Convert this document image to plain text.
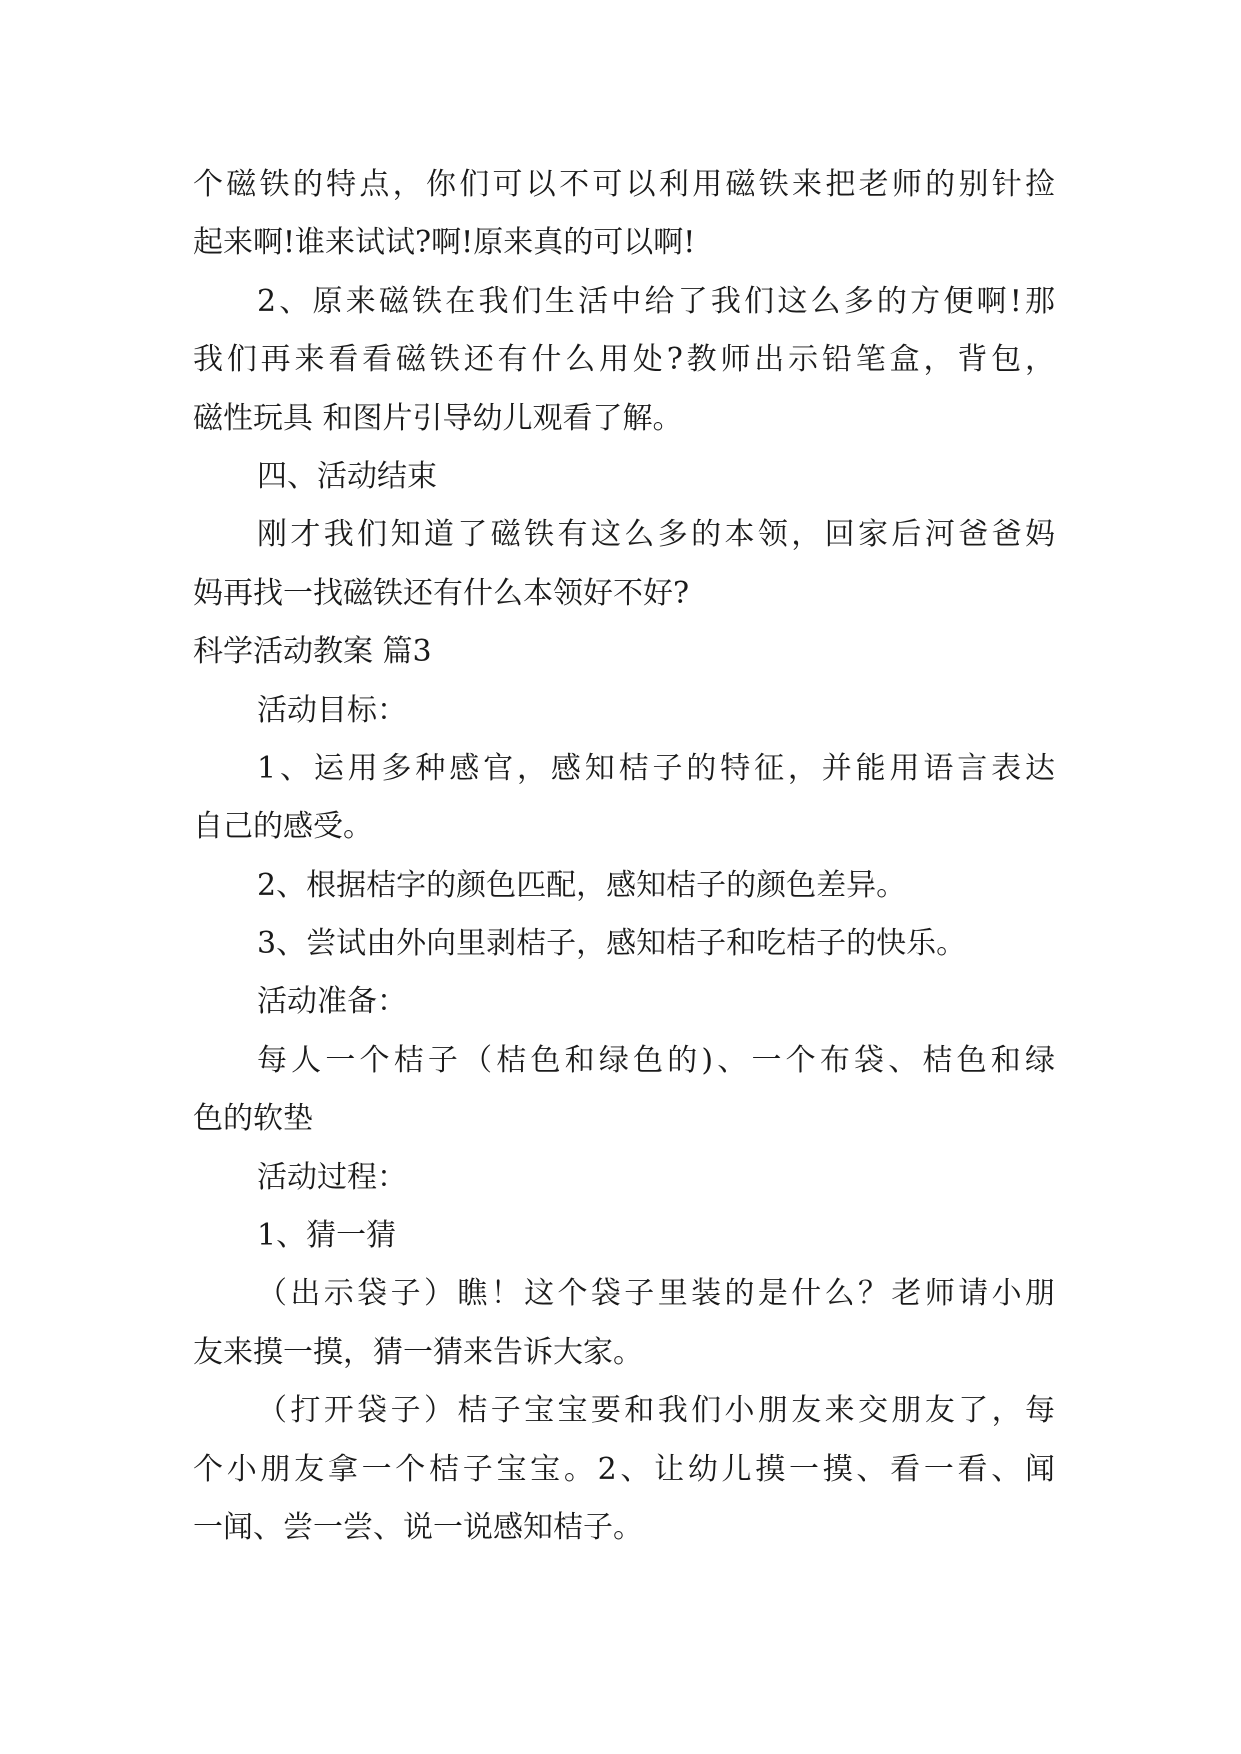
个磁铁的特点，你们可以不可以利用磁铁来把老师的别针捡
起来啊!谁来试试?啊!原来真的可以啊!
2、原来磁铁在我们生活中给了我们这么多的方便啊!那
我们再来看看磁铁还有什么用处?教师出示铅笔盒，背包，
磁性玩具 和图片引导幼儿观看了解。
四、活动结束
刚才我们知道了磁铁有这么多的本领，回家后河爸爸妈
妈再找一找磁铁还有什么本领好不好?
科学活动教案 篇3
活动目标：
1、运用多种感官，感知桔子的特征，并能用语言表达
自己的感受。
2、根据桔字的颜色匹配，感知桔子的颜色差异。
3、尝试由外向里剥桔子，感知桔子和吃桔子的快乐。
活动准备：
每人一个桔子（桔色和绿色的)、一个布袋、桔色和绿
色的软垫
活动过程：
1、猜一猜
（出示袋子）瞧！这个袋子里装的是什么？老师请小朋
友来摸一摸，猜一猜来告诉大家。
（打开袋子）桔子宝宝要和我们小朋友来交朋友了，每
个小朋友拿一个桔子宝宝。2、让幼儿摸一摸、看一看、闻
一闻、尝一尝、说一说感知桔子。
